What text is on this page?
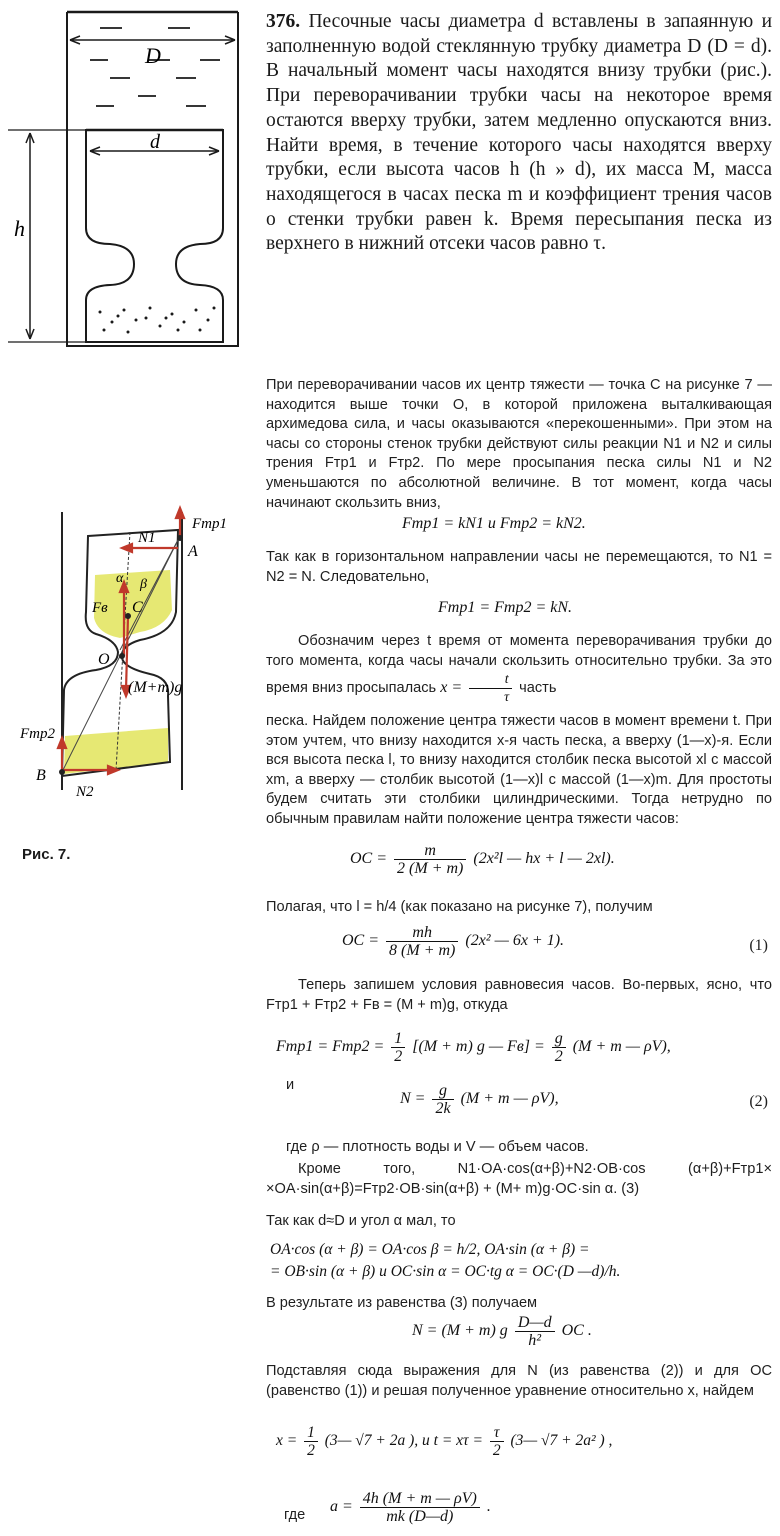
D
d
h
376. Песочные часы диаметра d вставлены в запаянную и заполненную водой стеклянную трубку диаметра D (D = d). В начальный момент часы находятся внизу трубки (рис.). При переворачивании трубки часы на некоторое время остаются вверху трубки, затем медленно опускаются вниз. Найти время, в течение которого часы находятся вверху трубки, если высота часов h (h » d), их масса M, масса находящегося в часах песка m и коэффициент трения часов о стенки трубки равен k. Время пересыпания песка из верхнего в нижний отсеки часов равно τ.
Fтр1
N1
A
α β
Fв C
O
(M+m)g
Fтр2
B
N2
Рис. 7.
При переворачивании часов их центр тяжести — точка C на рисунке 7 — находится выше точки O, в которой приложена выталкивающая архимедова сила, и часы оказываются «перекошенными». При этом на часы со стороны стенок трубки действуют силы реакции N1 и N2 и силы трения Fтр1 и Fтр2. По мере просыпания песка силы N1 и N2 уменьшаются по абсолютной величине. В тот момент, когда часы начинают скользить вниз,
Fтр1 = kN1 и Fтр2 = kN2.
Так как в горизонтальном направлении часы не перемещаются, то N1 = N2 = N. Следовательно,
Fтр1 = Fтр2 = kN.
Обозначим через t время от момента переворачивания трубки до того момента, когда часы начали скользить относительно трубки. За это время вниз просыпалась $x = \frac{t}{\tau}$ часть
песка. Найдем положение центра тяжести часов в момент времени t. При этом учтем, что внизу находится x-я часть песка, а вверху (1—x)-я. Если вся высота песка l, то внизу находится столбик песка высотой xl с массой xm, а вверху — столбик высотой (1—x)l с массой (1—x)m. Для простоты будем считать эти столбики цилиндрическими. Тогда нетрудно по обычным правилам найти положение центра тяжести часов:
OC = $\frac{m}{2 (M + m)} (2x^2l$ — hx + l — 2xl).
Полагая, что l = h/4 (как показано на рисунке 7), получим
OC = $\frac{mh}{8 (M + m)} (2x^2$ — 6x + 1).	(1)
Теперь запишем условия равновесия часов. Во-первых, ясно, что Fтр1 + Fтр2 + Fв = (M + m)g, откуда
$Fтр1 = Fтр2 = \frac{1}{2} [(M + m)$ g — $Fв] = \frac{g}{2} (M + m$ — ρV),
и
$N = \frac{g}{2k} (M + m$ — ρV),	(2)
где ρ — плотность воды и V — объем часов.
Кроме того, N1·OA·cos(α+β)+N2·OB·cos (α+β)+Fтр1× ×OA·sin(α+β)=Fтр2·OB·sin(α+β) + (M+ m)g·OC·sin α. (3)
Так как d≈D и угол α мал, то
OA·cos (α + β) = OA·cos β = h/2, OA·sin (α + β) =
= OB·sin (α + β) и OC·sin α = OC·tg α = OC·(D —d)/h.
В результате из равенства (3) получаем
N = (M + m) g $\frac{D—d}{\text{h²}}$ OC .
Подставляя сюда выражения для N (из равенства (2)) и для OC (равенство (1)) и решая полученное уравнение относительно x, найдем
$x = \frac{1}{2}$ (3— √7 + 2a ), и $t = x\tau = \frac{\tau}{2}$ (3— √7 + 2a² ) ,
где $a = \frac{4h (M + m — \rho V)}{mk (D—d)}$ .
